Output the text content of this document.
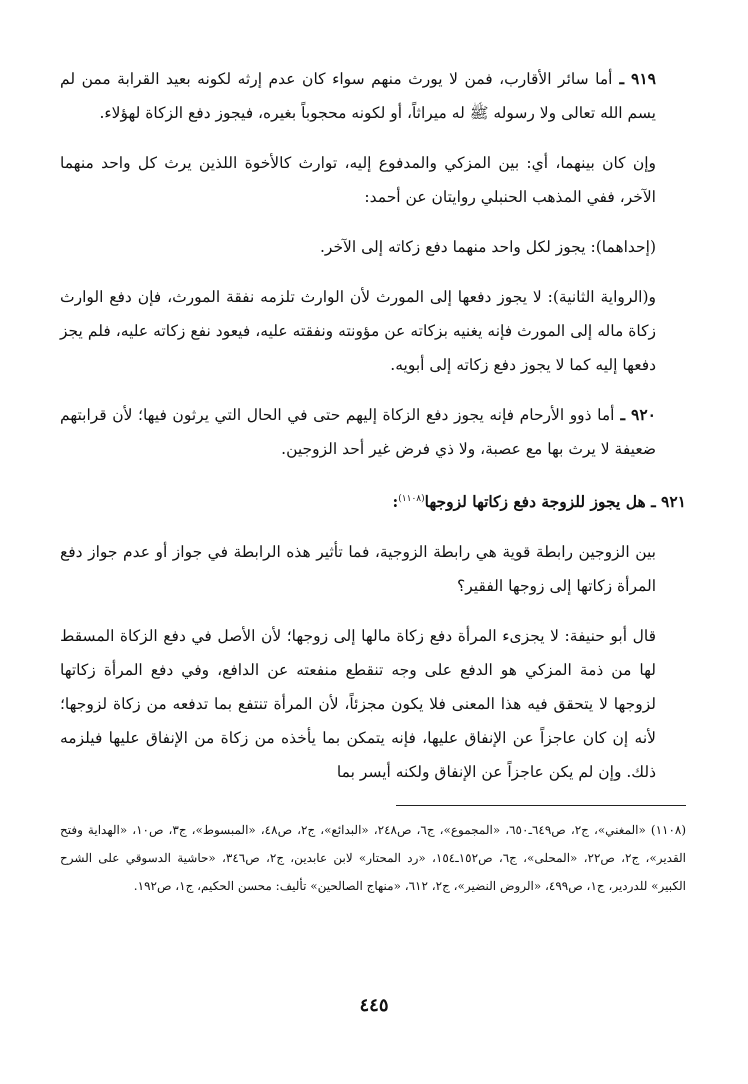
٩١٩ ـ أما سائر الأقارب، فمن لا يورث منهم سواء كان عدم إرثه لكونه بعيد القرابة ممن لم يسم الله تعالى ولا رسوله ﷺ له ميراثاً، أو لكونه محجوباً بغيره، فيجوز دفع الزكاة لهؤلاء.

وإن كان بينهما، أي: بين المزكي والمدفوع إليه، توارث كالأخوة اللذين يرث كل واحد منهما الآخر، ففي المذهب الحنبلي روايتان عن أحمد:

(إحداهما): يجوز لكل واحد منهما دفع زكاته إلى الآخر.

و(الرواية الثانية): لا يجوز دفعها إلى المورث لأن الوارث تلزمه نفقة المورث، فإن دفع الوارث زكاة ماله إلى المورث فإنه يغنيه بزكاته عن مؤونته ونفقته عليه، فيعود نفع زكاته عليه، فلم يجز دفعها إليه كما لا يجوز دفع زكاته إلى أبويه.

٩٢٠ ـ أما ذوو الأرحام فإنه يجوز دفع الزكاة إليهم حتى في الحال التي يرثون فيها؛ لأن قرابتهم ضعيفة لا يرث بها مع عصبة، ولا ذي فرض غير أحد الزوجين.

٩٢١ ـ هل يجوز للزوجة دفع زكاتها لزوجها$^{(١١٠٨)}$:

بين الزوجين رابطة قوية هي رابطة الزوجية، فما تأثير هذه الرابطة في جواز أو عدم جواز دفع المرأة زكاتها إلى زوجها الفقير؟

قال أبو حنيفة: لا يجزىء المرأة دفع زكاة مالها إلى زوجها؛ لأن الأصل في دفع الزكاة المسقط لها من ذمة المزكي هو الدفع على وجه تنقطع منفعته عن الدافع، وفي دفع المرأة زكاتها لزوجها لا يتحقق فيه هذا المعنى فلا يكون مجزئاً، لأن المرأة تنتفع بما تدفعه من زكاة لزوجها؛ لأنه إن كان عاجزاً عن الإنفاق عليها، فإنه يتمكن بما يأخذه من زكاة من الإنفاق عليها فيلزمه ذلك. وإن لم يكن عاجزاً عن الإنفاق ولكنه أيسر بما

(١١٠٨) «المغني»، ج٢، ص٦٤٩ـ٦٥٠، «المجموع»، ج٦، ص٢٤٨، «البدائع»، ج٢، ص٤٨، «المبسوط»، ج٣، ص١٠، «الهداية وفتح القدير»، ج٢، ص٢٢، «المحلى»، ج٦، ص١٥٢ـ١٥٤، «رد المحتار» لابن عابدين، ج٢، ص٣٤٦، «حاشية الدسوقي على الشرح الكبير» للدردير، ج١، ص٤٩٩، «الروض النضير»، ج٢، ٦١٢، «منهاج الصالحين» تأليف: محسن الحكيم، ج١، ص١٩٢.

٤٤٥
